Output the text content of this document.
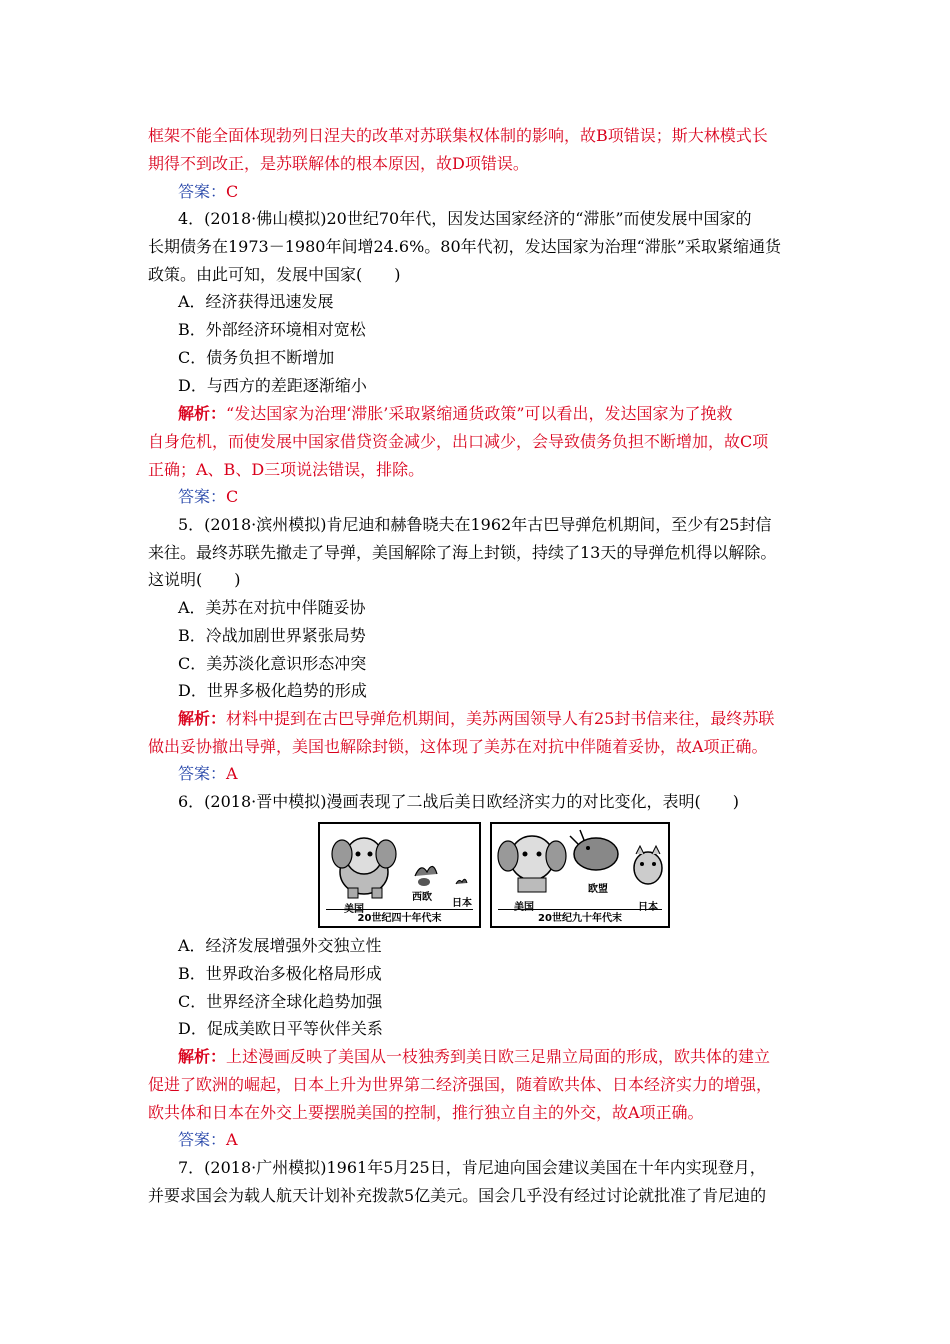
框架不能全面体现勃列日涅夫的改革对苏联集权体制的影响，故B项错误；斯大林模式长
期得不到改正，是苏联解体的根本原因，故D项错误。
答案：C
4．(2018·佛山模拟)20世纪70年代，因发达国家经济的“滞胀”而使发展中国家的
长期债务在1973－1980年间增24.6%。80年代初，发达国家为治理“滞胀”采取紧缩通货
政策。由此可知，发展中国家(　　)
A．经济获得迅速发展
B．外部经济环境相对宽松
C．债务负担不断增加
D．与西方的差距逐渐缩小
解析：“发达国家为治理‘滞胀’采取紧缩通货政策”可以看出，发达国家为了挽救
自身危机，而使发展中国家借贷资金减少，出口减少，会导致债务负担不断增加，故C项
正确；A、B、D三项说法错误，排除。
答案：C
5．(2018·滨州模拟)肯尼迪和赫鲁晓夫在1962年古巴导弹危机期间，至少有25封信
来往。最终苏联先撤走了导弹，美国解除了海上封锁，持续了13天的导弹危机得以解除。
这说明(　　)
A．美苏在对抗中伴随妥协
B．冷战加剧世界紧张局势
C．美苏淡化意识形态冲突
D．世界多极化趋势的形成
解析：材料中提到在古巴导弹危机期间，美苏两国领导人有25封书信来往，最终苏联
做出妥协撤出导弹，美国也解除封锁，这体现了美苏在对抗中伴随着妥协，故A项正确。
答案：A
6．(2018·晋中模拟)漫画表现了二战后美日欧经济实力的对比变化，表明(　　)
美国
西欧
日本
20世纪四十年代末
美国
欧盟
日本
20世纪九十年代末
A．经济发展增强外交独立性
B．世界政治多极化格局形成
C．世界经济全球化趋势加强
D．促成美欧日平等伙伴关系
解析：上述漫画反映了美国从一枝独秀到美日欧三足鼎立局面的形成，欧共体的建立
促进了欧洲的崛起，日本上升为世界第二经济强国，随着欧共体、日本经济实力的增强，
欧共体和日本在外交上要摆脱美国的控制，推行独立自主的外交，故A项正确。
答案：A
7．(2018·广州模拟)1961年5月25日，肯尼迪向国会建议美国在十年内实现登月，
并要求国会为载人航天计划补充拨款5亿美元。国会几乎没有经过讨论就批准了肯尼迪的
